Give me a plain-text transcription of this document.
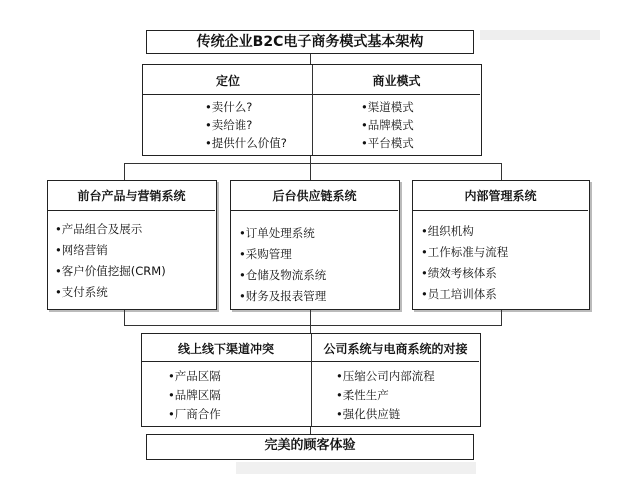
传统企业B2C电子商务模式基本架构
定位	商业模式
•卖什么?
•卖给谁?
•提供什么价值?
•渠道模式
•品牌模式
•平台模式
前台产品与营销系统
•产品组合及展示
•网络营销
•客户价值挖掘(CRM)
•支付系统
后台供应链系统
•订单处理系统
•采购管理
•仓储及物流系统
•财务及报表管理
内部管理系统
•组织机构
•工作标准与流程
•绩效考核体系
•员工培训体系
线上线下渠道冲突	公司系统与电商系统的对接
•产品区隔
•品牌区隔
•厂商合作
•压缩公司内部流程
•柔性生产
•强化供应链
完美的顾客体验
